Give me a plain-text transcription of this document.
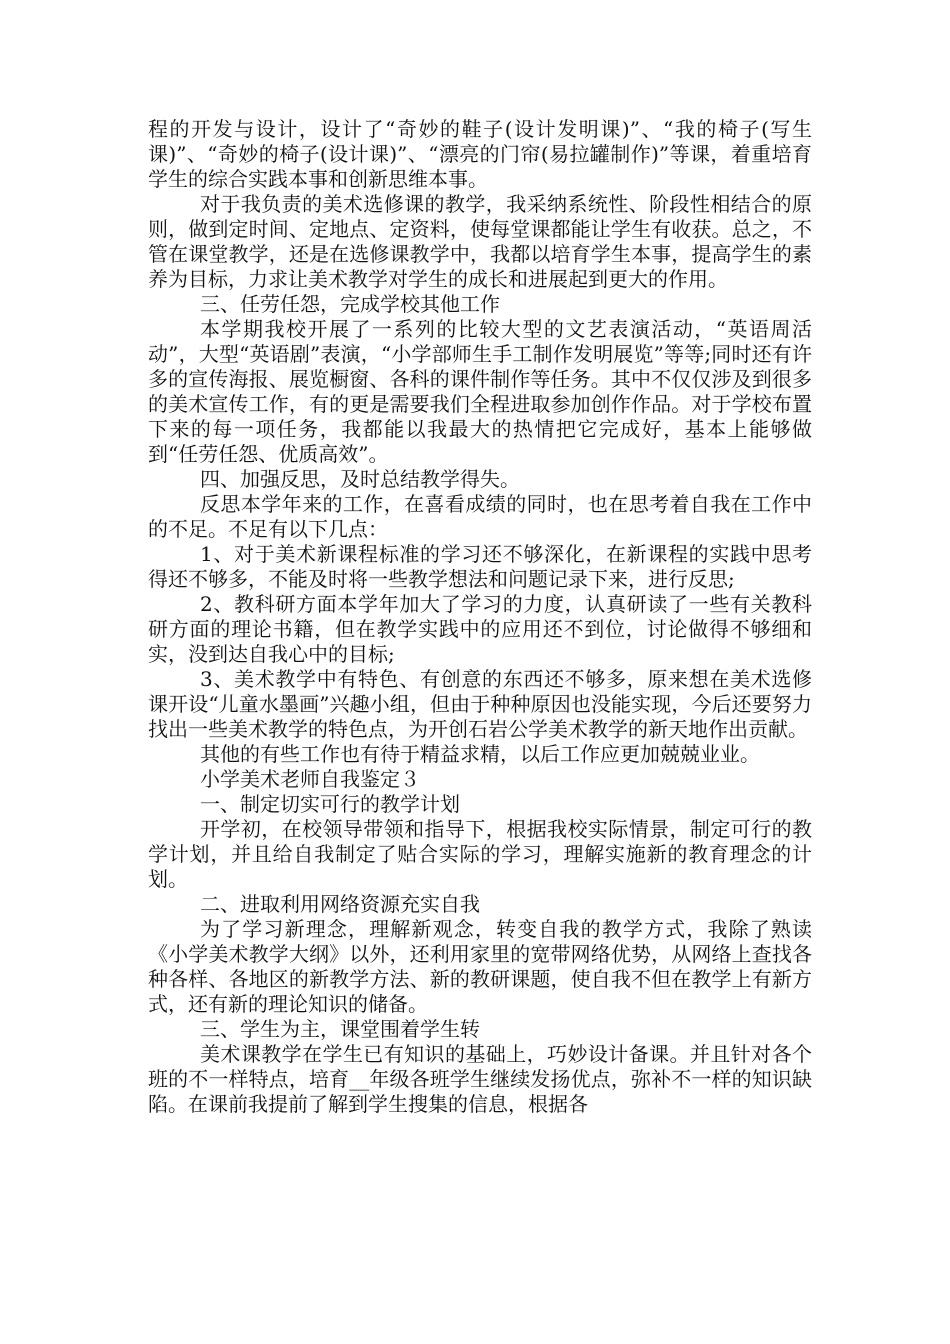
程的开发与设计，设计了“奇妙的鞋子(设计发明课)”、“我的椅子(写生课)”、“奇妙的椅子(设计课)”、“漂亮的门帘(易拉罐制作)”等课，着重培育学生的综合实践本事和创新思维本事。

对于我负责的美术选修课的教学，我采纳系统性、阶段性相结合的原则，做到定时间、定地点、定资料，使每堂课都能让学生有收获。总之，不管在课堂教学，还是在选修课教学中，我都以培育学生本事，提高学生的素养为目标，力求让美术教学对学生的成长和进展起到更大的作用。

三、任劳任怨，完成学校其他工作

本学期我校开展了一系列的比较大型的文艺表演活动，“英语周活动”，大型“英语剧”表演，“小学部师生手工制作发明展览”等等;同时还有许多的宣传海报、展览橱窗、各科的课件制作等任务。其中不仅仅涉及到很多的美术宣传工作，有的更是需要我们全程进取参加创作作品。对于学校布置下来的每一项任务，我都能以我最大的热情把它完成好，基本上能够做到“任劳任怨、优质高效”。

四、加强反思，及时总结教学得失。

反思本学年来的工作，在喜看成绩的同时，也在思考着自我在工作中的不足。不足有以下几点：

1、对于美术新课程标准的学习还不够深化，在新课程的实践中思考得还不够多，不能及时将一些教学想法和问题记录下来，进行反思;

2、教科研方面本学年加大了学习的力度，认真研读了一些有关教科研方面的理论书籍，但在教学实践中的应用还不到位，讨论做得不够细和实，没到达自我心中的目标;

3、美术教学中有特色、有创意的东西还不够多，原来想在美术选修课开设“儿童水墨画”兴趣小组，但由于种种原因也没能实现，今后还要努力找出一些美术教学的特色点，为开创石岩公学美术教学的新天地作出贡献。

其他的有些工作也有待于精益求精，以后工作应更加兢兢业业。

小学美术老师自我鉴定３

一、制定切实可行的教学计划

开学初，在校领导带领和指导下，根据我校实际情景，制定可行的教学计划，并且给自我制定了贴合实际的学习，理解实施新的教育理念的计划。

二、进取利用网络资源充实自我

为了学习新理念，理解新观念，转变自我的教学方式，我除了熟读《小学美术教学大纲》以外，还利用家里的宽带网络优势，从网络上查找各种各样、各地区的新教学方法、新的教研课题，使自我不但在教学上有新方式，还有新的理论知识的储备。

三、学生为主，课堂围着学生转

美术课教学在学生已有知识的基础上，巧妙设计备课。并且针对各个班的不一样特点，培育__年级各班学生继续发扬优点，弥补不一样的知识缺陷。在课前我提前了解到学生搜集的信息，根据各
